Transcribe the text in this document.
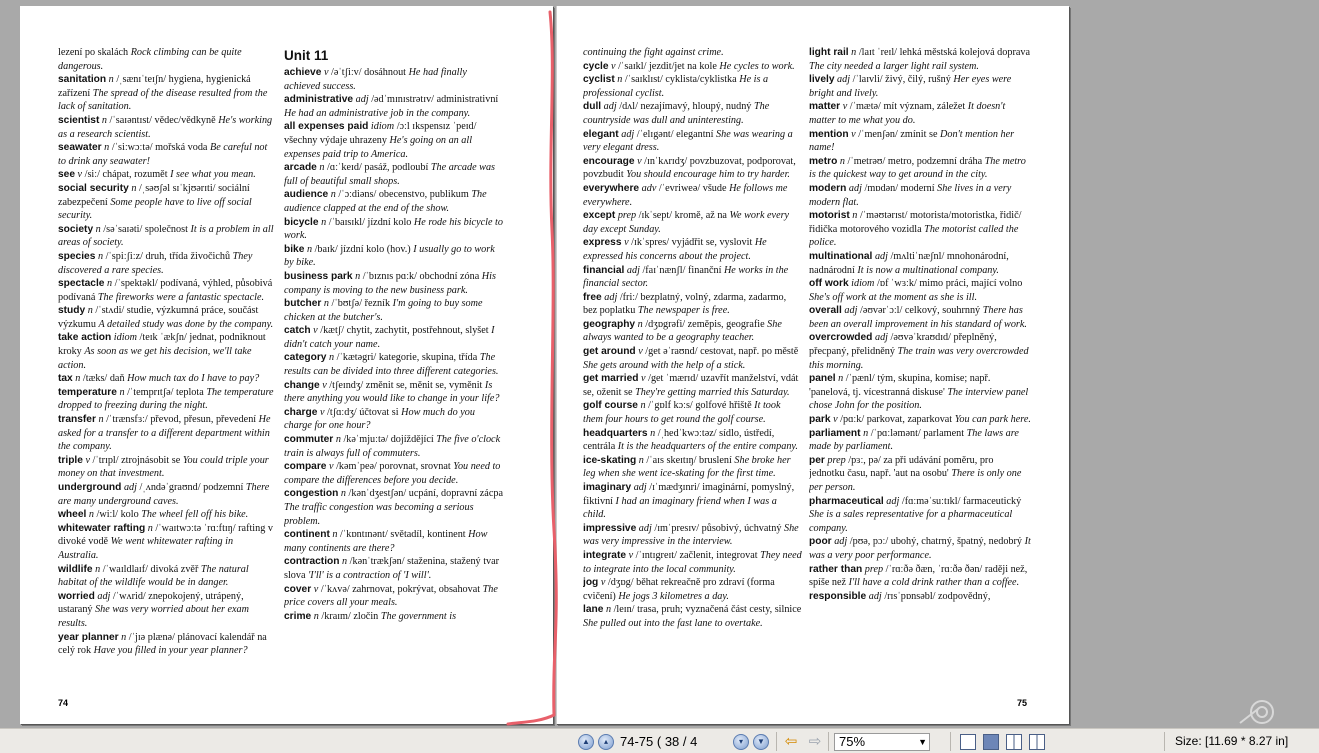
lezení po skalách Rock climbing can be quite dangerous.

sanitation n /ˌsænɪˈteɪʃn/ hygiena, hygienická zařízení The spread of the disease resulted from the lack of sanitation.

scientist n /ˈsaɪəntɪst/ vědec/vědkyně He's working as a research scientist.

seawater n /ˈsiːwɔːtə/ mořská voda Be careful not to drink any seawater!

see v /siː/ chápat, rozumět I see what you mean.

social security n /ˌsəʊʃəl sɪˈkjʊərɪti/ sociální zabezpečení Some people have to live off social security.

society n /səˈsaɪəti/ společnost It is a problem in all areas of society.

species n /ˈspiːʃiːz/ druh, třída živočichů They discovered a rare species.

spectacle n /ˈspektəkl/ podívaná, výhled, působivá podívaná The fireworks were a fantastic spectacle.

study n /ˈstʌdi/ studie, výzkumná práce, součást výzkumu A detailed study was done by the company.

take action idiom /teɪk ˈækʃn/ jednat, podniknout kroky As soon as we get his decision, we'll take action.

tax n /tæks/ daň How much tax do I have to pay?

temperature n /ˈtemprɪtʃə/ teplota The temperature dropped to freezing during the night.

transfer n /ˈtrænsfɜː/ převod, přesun, převedení He asked for a transfer to a different department within the company.

triple v /ˈtrɪpl/ ztrojnásobit se You could triple your money on that investment.

underground adj /ˌʌndəˈgraʊnd/ podzemní There are many underground caves.

wheel n /wiːl/ kolo The wheel fell off his bike.

whitewater rafting n /ˈwaɪtwɔːtə ˈrɑːftɪŋ/ rafting v divoké vodě We went whitewater rafting in Australia.

wildlife n /ˈwaɪldlaɪf/ divoká zvěř The natural habitat of the wildlife would be in danger.

worried adj /ˈwʌrid/ znepokojený, utrápený, ustaraný She was very worried about her exam results.

year planner n /ˈjɪə plænə/ plánovací kalendář na celý rok Have you filled in your year planner?

Unit 11

achieve v /əˈtʃiːv/ dosáhnout He had finally achieved success.

administrative adj /ədˈmɪnɪstrətɪv/ administrativní He had an administrative job in the company.

all expenses paid idiom /ɔːl ɪkspensɪz ˈpeɪd/ všechny výdaje uhrazeny He's going on an all expenses paid trip to America.

arcade n /ɑːˈkeɪd/ pasáž, podloubí The arcade was full of beautiful small shops.

audience n /ˈɔːdiəns/ obecenstvo, publikum The audience clapped at the end of the show.

bicycle n /ˈbaɪsɪkl/ jízdní kolo He rode his bicycle to work.

bike n /baɪk/ jízdní kolo (hov.) I usually go to work by bike.

business park n /ˈbɪznɪs pɑːk/ obchodní zóna His company is moving to the new business park.

butcher n /ˈbʊtʃə/ řezník I'm going to buy some chicken at the butcher's.

catch v /kætʃ/ chytit, zachytit, postřehnout, slyšet I didn't catch your name.

category n /ˈkætəgri/ kategorie, skupina, třída The results can be divided into three different categories.

change v /tʃeɪndʒ/ změnit se, měnit se, vyměnit Is there anything you would like to change in your life?

charge v /tʃɑːdʒ/ účtovat si How much do you charge for one hour?

commuter n /kəˈmjuːtə/ dojíždějící The five o'clock train is always full of commuters.

compare v /kəmˈpeə/ porovnat, srovnat You need to compare the differences before you decide.

congestion n /kənˈdʒestʃən/ ucpání, dopravní zácpa The traffic congestion was becoming a serious problem.

continent n /ˈkɒntɪnənt/ světadíl, kontinent How many continents are there?

contraction n /kənˈtrækʃən/ staženina, stažený tvar slova 'I'll' is a contraction of 'I will'.

cover v /ˈkʌvə/ zahrnovat, pokrývat, obsahovat The price covers all your meals.

crime n /kraɪm/ zločin The government is

74

continuing the fight against crime.

cycle v /ˈsaɪkl/ jezdit/jet na kole He cycles to work.

cyclist n /ˈsaɪklɪst/ cyklista/cyklistka He is a professional cyclist.

dull adj /dʌl/ nezajímavý, hloupý, nudný The countryside was dull and uninteresting.

elegant adj /ˈelɪgənt/ elegantní She was wearing a very elegant dress.

encourage v /ɪnˈkʌrɪdʒ/ povzbuzovat, podporovat, povzbudit You should encourage him to try harder.

everywhere adv /ˈevriweə/ všude He follows me everywhere.

except prep /ɪkˈsept/ kromě, až na We work every day except Sunday.

express v /ɪkˈspres/ vyjádřit se, vyslovit He expressed his concerns about the project.

financial adj /faɪˈnænʃl/ finanční He works in the financial sector.

free adj /friː/ bezplatný, volný, zdarma, zadarmo, bez poplatku The newspaper is free.

geography n /dʒɒgrəfi/ zeměpis, geografie She always wanted to be a geography teacher.

get around v /get əˈraʊnd/ cestovat, např. po městě She gets around with the help of a stick.

get married v /get ˈmærɪd/ uzavřít manželství, vdát se, oženit se They're getting married this Saturday.

golf course n /ˈgɒlf kɔːs/ golfové hřiště It took them four hours to get round the golf course.

headquarters n /ˌhedˈkwɔːtəz/ sídlo, ústředí, centrála It is the headquarters of the entire company.

ice-skating n /ˈaɪs skeɪtɪŋ/ bruslení She broke her leg when she went ice-skating for the first time.

imaginary adj /ɪˈmædʒɪnri/ imaginární, pomyslný, fiktivní I had an imaginary friend when I was a child.

impressive adj /ɪmˈpresɪv/ působivý, úchvatný She was very impressive in the interview.

integrate v /ˈɪntɪgreɪt/ začlenit, integrovat They need to integrate into the local community.

jog v /dʒɒg/ běhat rekreačně pro zdraví (forma cvičení) He jogs 3 kilometres a day.

lane n /leɪn/ trasa, pruh; vyznačená část cesty, silnice She pulled out into the fast lane to overtake.

light rail n /laɪt ˈreɪl/ lehká městská kolejová doprava The city needed a larger light rail system.

lively adj /ˈlaɪvli/ živý, čilý, rušný Her eyes were bright and lively.

matter v /ˈmætə/ mít význam, záležet It doesn't matter to me what you do.

mention v /ˈmenʃən/ zmínit se Don't mention her name!

metro n /ˈmetrəʊ/ metro, podzemní dráha The metro is the quickest way to get around in the city.

modern adj /mɒdən/ moderní She lives in a very modern flat.

motorist n /ˈməʊtərɪst/ motorista/motoristka, řidič/řidička motorového vozidla The motorist called the police.

multinational adj /mʌltiˈnæʃnl/ mnohonárodní, nadnárodní It is now a multinational company.

off work idiom /ɒf ˈwɜːk/ mimo práci, mající volno She's off work at the moment as she is ill.

overall adj /əʊvərˈɔːl/ celkový, souhrnný There has been an overall improvement in his standard of work.

overcrowded adj /əʊvəˈkraʊdɪd/ přeplněný, přecpaný, přelidněný The train was very overcrowded this morning.

panel n /ˈpænl/ tým, skupina, komise; např. 'panelová, tj. vícestranná diskuse' The interview panel chose John for the position.

park v /pɑːk/ parkovat, zaparkovat You can park here.

parliament n /ˈpɑːləmənt/ parlament The laws are made by parliament.

per prep /pɜː, pə/ za při udávání poměru, pro jednotku času, např. 'aut na osobu' There is only one per person.

pharmaceutical adj /fɑːməˈsuːtɪkl/ farmaceutický She is a sales representative for a pharmaceutical company.

poor adj /pʊə, pɔː/ ubohý, chatrný, špatný, nedobrý It was a very poor performance.

rather than prep /ˈrɑːðə ðæn, ˈrɑːðə ðən/ raději než, spíše než I'll have a cold drink rather than a coffee.

responsible adj /rɪsˈpɒnsəbl/ zodpovědný,

75
▲	▴ 74-75 ( 38 / 4	▾	▼ ⇦ ⇨	75%	▼	Size: [11.69 * 8.27 in]
